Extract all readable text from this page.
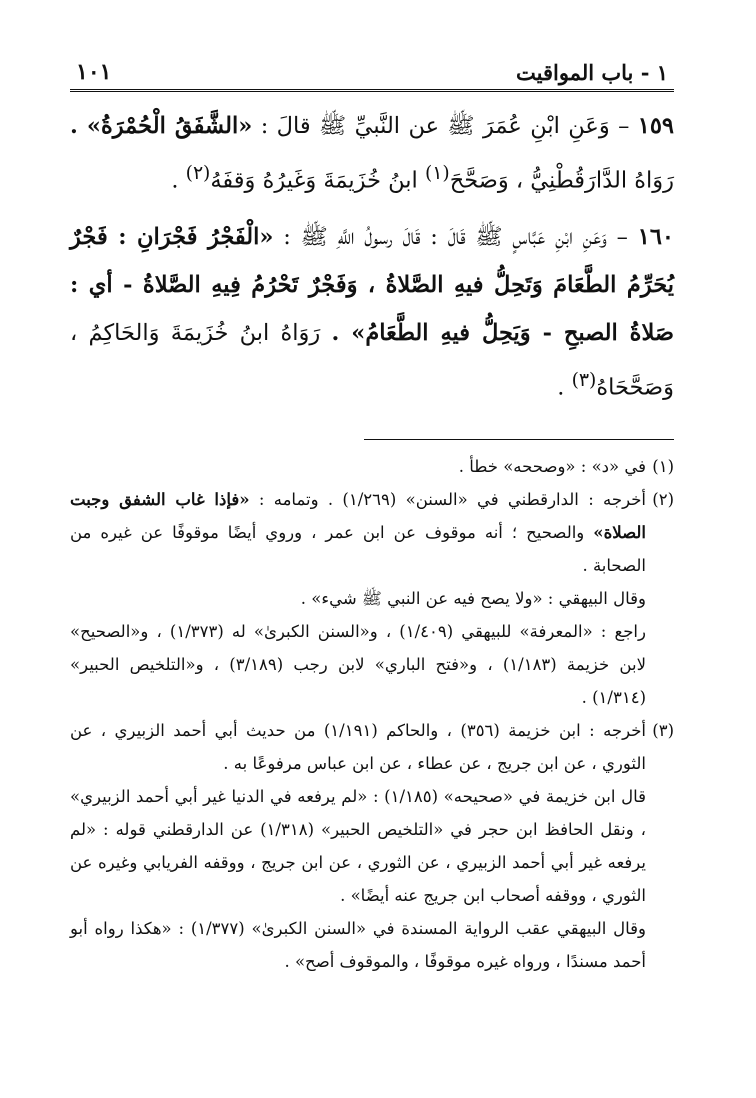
١ - باب المواقيت
١٠١

١٥٩ – وَعَنِ ابْنِ عُمَرَ ﷺ عن النَّبيِّ ﷺ قالَ : «الشَّفَقُ الْحُمْرَةُ» . رَوَاهُ الدَّارَقُطْنِيُّ ، وَصَحَّحَ$^{(١)}$ ابنُ خُزَيمَةَ وَغَيرُهُ وَقفَهُ$^{(٢)}$ .

١٦٠ – وَعَنِ ابْنِ عَبَّاسٍ ﷺ قَالَ : قَالَ رسولُ اللَّهِ ﷺ : «الْفَجْرُ فَجْرَانِ : فَجْرٌ يُحَرِّمُ الطَّعَامَ وَتَحِلُّ فيهِ الصَّلاةُ ، وَفَجْرٌ تَحْرُمُ فِيهِ الصَّلاةُ - أي : صَلاةُ الصبحِ - وَيَحِلُّ فيهِ الطَّعَامُ» . رَوَاهُ ابنُ خُزَيمَةَ وَالحَاكِمُ ، وَصَحَّحَاهُ$^{(٣)}$ .

(١)
في «د» : «وصححه» خطأ .
(٢)
أخرجه : الدارقطني في «السنن» (١/٢٦٩) . وتمامه : «فإذا غاب الشفق وجبت الصلاة» والصحيح ؛ أنه موقوف عن ابن عمر ، وروي أيضًا موقوفًا عن غيره من الصحابة .
وقال البيهقي : «ولا يصح فيه عن النبي ﷺ شيء» .
راجع : «المعرفة» للبيهقي (١/٤٠٩) ، و«السنن الكبرىٰ» له (١/٣٧٣) ، و«الصحيح» لابن خزيمة (١/١٨٣) ، و«فتح الباري» لابن رجب (٣/١٨٩) ، و«التلخيص الحبير» (١/٣١٤) .
(٣)
أخرجه : ابن خزيمة (٣٥٦) ، والحاكم (١/١٩١) من حديث أبي أحمد الزبيري ، عن الثوري ، عن ابن جريج ، عن عطاء ، عن ابن عباس مرفوعًا به .
قال ابن خزيمة في «صحيحه» (١/١٨٥) : «لم يرفعه في الدنيا غير أبي أحمد الزبيري» ، ونقل الحافظ ابن حجر في «التلخيص الحبير» (١/٣١٨) عن الدارقطني قوله : «لم يرفعه غير أبي أحمد الزبيري ، عن الثوري ، عن ابن جريج ، ووقفه الفريابي وغيره عن الثوري ، ووقفه أصحاب ابن جريج عنه أيضًا» .
وقال البيهقي عقب الرواية المسندة في «السنن الكبرىٰ» (١/٣٧٧) : «هكذا رواه أبو أحمد مسندًا ، ورواه غيره موقوفًا ، والموقوف أصح» .
